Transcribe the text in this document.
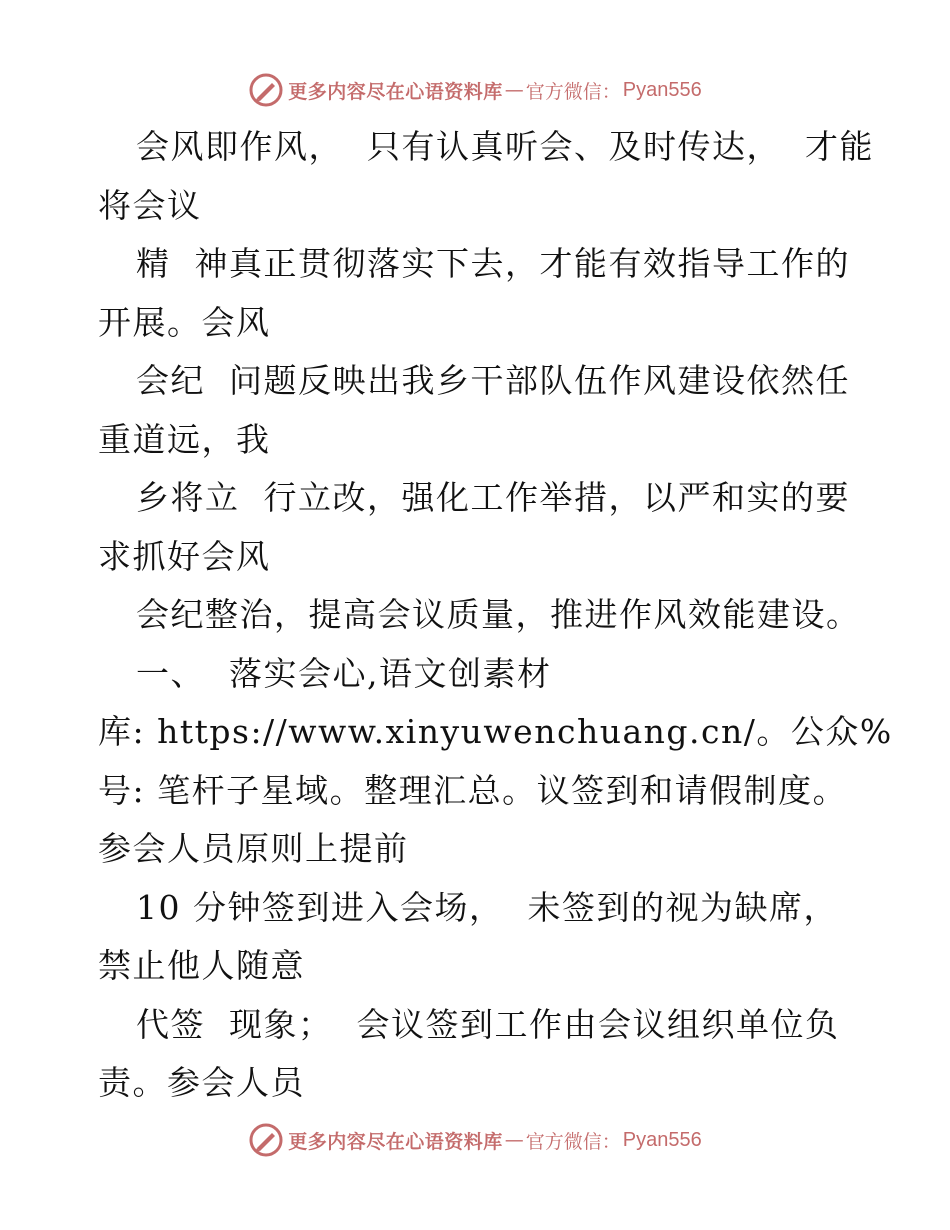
更多内容尽在心语资料库 — 官方微信： Pyan556
会风即作风，  只有认真听会、及时传达，  才能
将会议
精  神真正贯彻落实下去，才能有效指导工作的
开展。会风
会纪  问题反映出我乡干部队伍作风建设依然任
重道远，我
乡将立  行立改，强化工作举措，以严和实的要
求抓好会风
会纪整治，提高会议质量，推进作风效能建设。
一、  落实会心,语文创素材
库: https://www.xinyuwenchuang.cn/。公众%
号: 笔杆子星域。整理汇总。议签到和请假制度。
参会人员原则上提前
10 分钟签到进入会场，  未签到的视为缺席，
禁止他人随意
代签  现象；  会议签到工作由会议组织单位负
责。参会人员
更多内容尽在心语资料库 — 官方微信： Pyan556
